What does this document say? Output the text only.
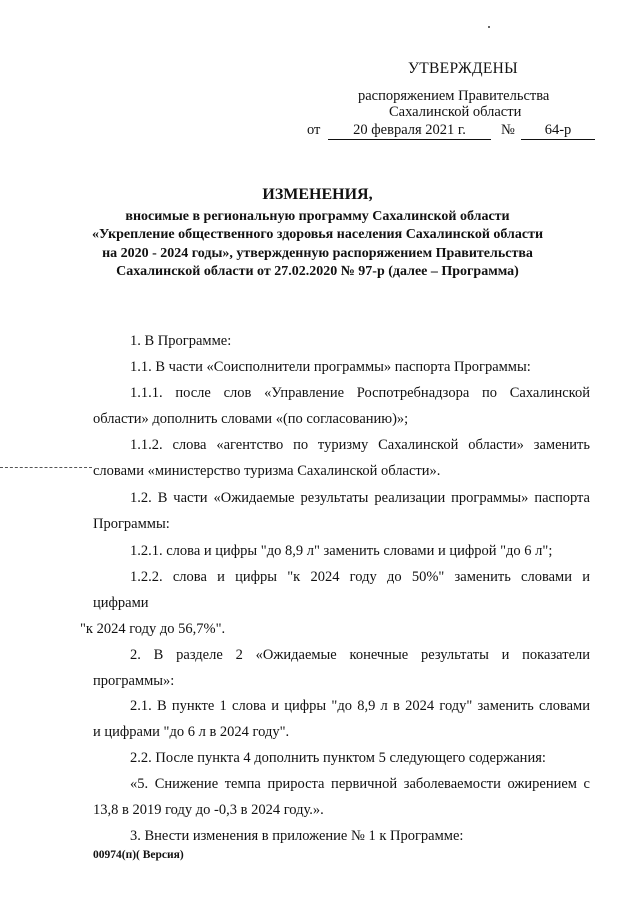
УТВЕРЖДЕНЫ
распоряжением Правительства
Сахалинской области
от	20 февраля 2021 г.	№	64-р
ИЗМЕНЕНИЯ,
вносимые в региональную программу Сахалинской области
«Укрепление общественного здоровья населения Сахалинской области
на 2020 - 2024 годы», утвержденную распоряжением Правительства
Сахалинской области от 27.02.2020 № 97-р (далее – Программа)
1. В Программе:
1.1. В части «Соисполнители программы» паспорта Программы:
1.1.1. после слов «Управление Роспотребнадзора по Сахалинской
области» дополнить словами «(по согласованию)»;
1.1.2. слова «агентство по туризму Сахалинской области» заменить
словами «министерство туризма Сахалинской области».
1.2. В части «Ожидаемые результаты реализации программы» паспорта
Программы:
1.2.1. слова и цифры "до 8,9 л" заменить словами и цифрой "до 6 л";
1.2.2. слова и цифры "к 2024 году до 50%" заменить словами и
цифрами
"к 2024 году до 56,7%".
2. В разделе 2 «Ожидаемые конечные результаты и показатели
программы»:
2.1. В пункте 1 слова и цифры "до 8,9 л в 2024 году" заменить словами
и цифрами "до 6 л в 2024 году".
2.2. После пункта 4 дополнить пунктом 5 следующего содержания:
«5. Снижение темпа прироста первичной заболеваемости ожирением с
13,8 в 2019 году до -0,3 в 2024 году.».
3. Внести изменения в приложение № 1 к Программе:
00974(п)( Версия)
